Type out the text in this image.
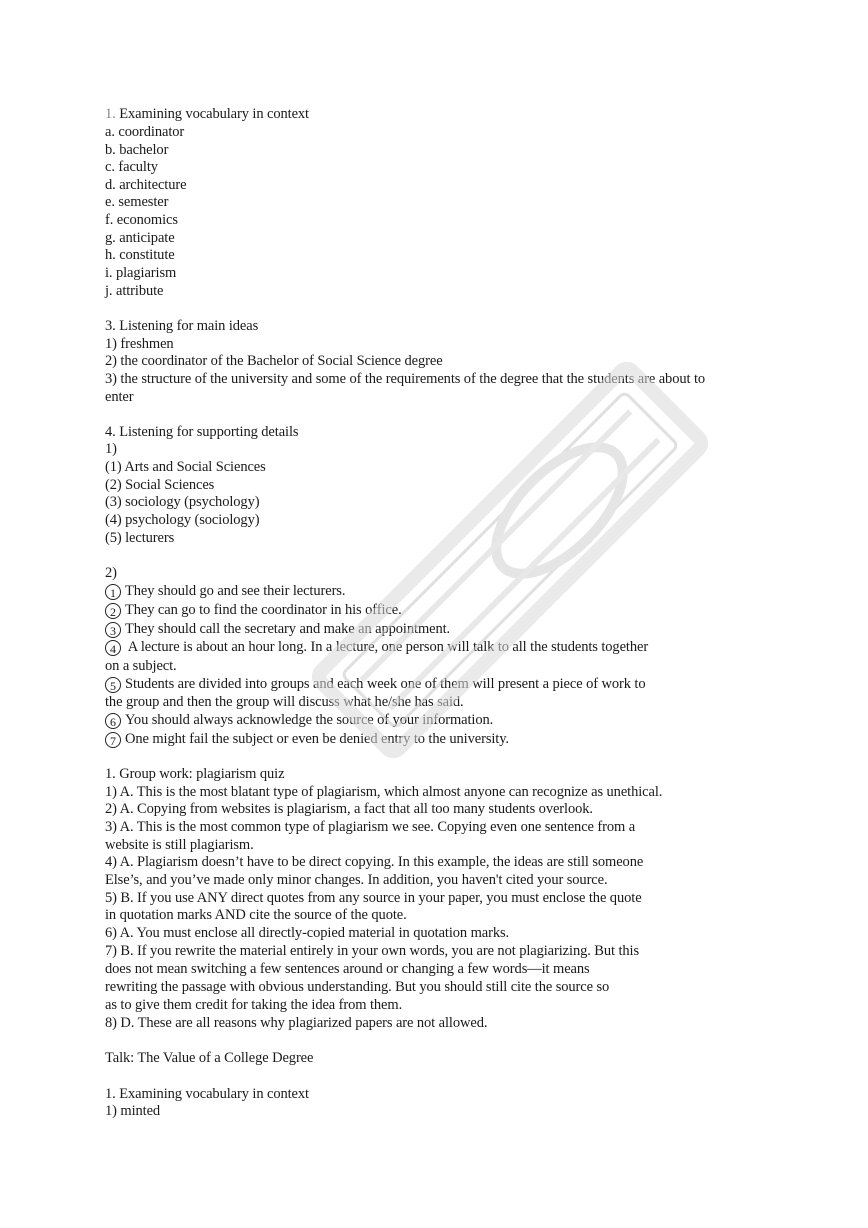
1. Examining vocabulary in context
a. coordinator
b. bachelor
c. faculty
d. architecture
e. semester
f. economics
g. anticipate
h. constitute
i. plagiarism
j. attribute
3. Listening for main ideas
1) freshmen
2) the coordinator of the Bachelor of Social Science degree
3) the structure of the university and some of the requirements of the degree that the students are about to
enter
4. Listening for supporting details
1)
(1) Arts and Social Sciences
(2) Social Sciences
(3) sociology (psychology)
(4) psychology (sociology)
(5) lecturers
2)
1 They should go and see their lecturers.
2 They can go to find the coordinator in his office.
3 They should call the secretary and make an appointment.
4 A lecture is about an hour long. In a lecture, one person will talk to all the students together
on a subject.
5 Students are divided into groups and each week one of them will present a piece of work to
the group and then the group will discuss what he/she has said.
6 You should always acknowledge the source of your information.
7 One might fail the subject or even be denied entry to the university.
1. Group work: plagiarism quiz
1) A. This is the most blatant type of plagiarism, which almost anyone can recognize as unethical.
2) A. Copying from websites is plagiarism, a fact that all too many students overlook.
3) A. This is the most common type of plagiarism we see. Copying even one sentence from a
website is still plagiarism.
4) A. Plagiarism doesn’t have to be direct copying. In this example, the ideas are still someone
Else’s, and you’ve made only minor changes. In addition, you haven't cited your source.
5) B. If you use ANY direct quotes from any source in your paper, you must enclose the quote
in quotation marks AND cite the source of the quote.
6) A. You must enclose all directly-copied material in quotation marks.
7) B. If you rewrite the material entirely in your own words, you are not plagiarizing. But this
does not mean switching a few sentences around or changing a few words—it means
rewriting the passage with obvious understanding. But you should still cite the source so
as to give them credit for taking the idea from them.
8) D. These are all reasons why plagiarized papers are not allowed.
Talk: The Value of a College Degree
1. Examining vocabulary in context
1) minted
